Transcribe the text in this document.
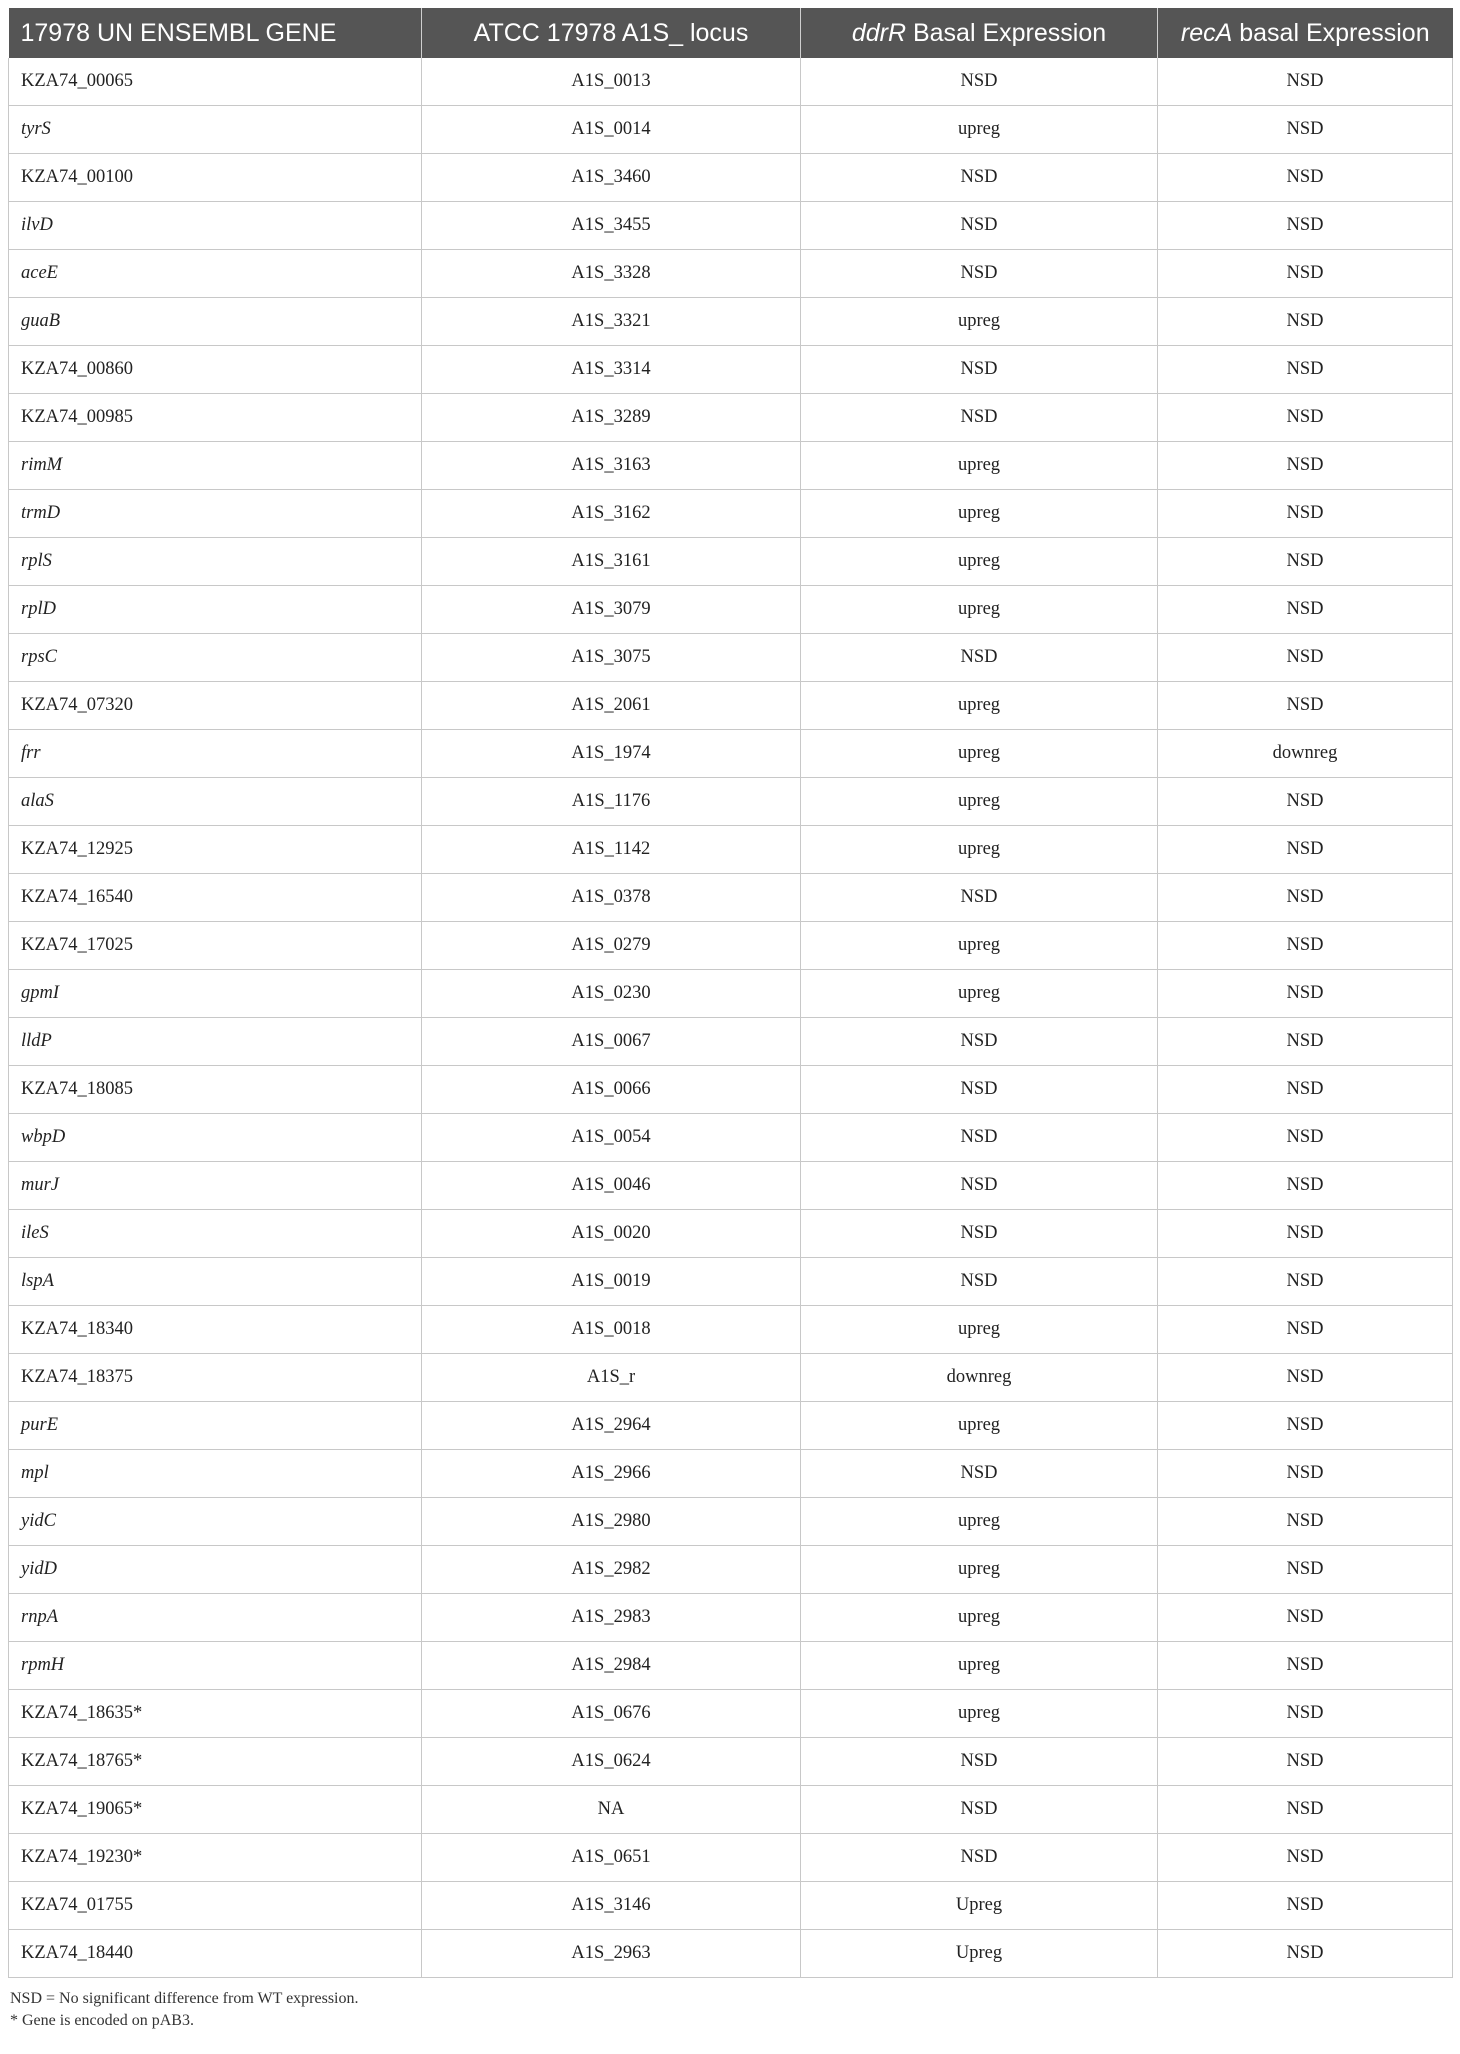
17978 UN ENSEMBL GENE	ATCC 17978 A1S_ locus	ddrR Basal Expression	recA basal Expression
KZA74_00065	A1S_0013	NSD	NSD
tyrS	A1S_0014	upreg	NSD
KZA74_00100	A1S_3460	NSD	NSD
ilvD	A1S_3455	NSD	NSD
aceE	A1S_3328	NSD	NSD
guaB	A1S_3321	upreg	NSD
KZA74_00860	A1S_3314	NSD	NSD
KZA74_00985	A1S_3289	NSD	NSD
rimM	A1S_3163	upreg	NSD
trmD	A1S_3162	upreg	NSD
rplS	A1S_3161	upreg	NSD
rplD	A1S_3079	upreg	NSD
rpsC	A1S_3075	NSD	NSD
KZA74_07320	A1S_2061	upreg	NSD
frr	A1S_1974	upreg	downreg
alaS	A1S_1176	upreg	NSD
KZA74_12925	A1S_1142	upreg	NSD
KZA74_16540	A1S_0378	NSD	NSD
KZA74_17025	A1S_0279	upreg	NSD
gpmI	A1S_0230	upreg	NSD
lldP	A1S_0067	NSD	NSD
KZA74_18085	A1S_0066	NSD	NSD
wbpD	A1S_0054	NSD	NSD
murJ	A1S_0046	NSD	NSD
ileS	A1S_0020	NSD	NSD
lspA	A1S_0019	NSD	NSD
KZA74_18340	A1S_0018	upreg	NSD
KZA74_18375	A1S_r	downreg	NSD
purE	A1S_2964	upreg	NSD
mpl	A1S_2966	NSD	NSD
yidC	A1S_2980	upreg	NSD
yidD	A1S_2982	upreg	NSD
rnpA	A1S_2983	upreg	NSD
rpmH	A1S_2984	upreg	NSD
KZA74_18635*	A1S_0676	upreg	NSD
KZA74_18765*	A1S_0624	NSD	NSD
KZA74_19065*	NA	NSD	NSD
KZA74_19230*	A1S_0651	NSD	NSD
KZA74_01755	A1S_3146	Upreg	NSD
KZA74_18440	A1S_2963	Upreg	NSD
NSD = No significant difference from WT expression.
* Gene is encoded on pAB3.
